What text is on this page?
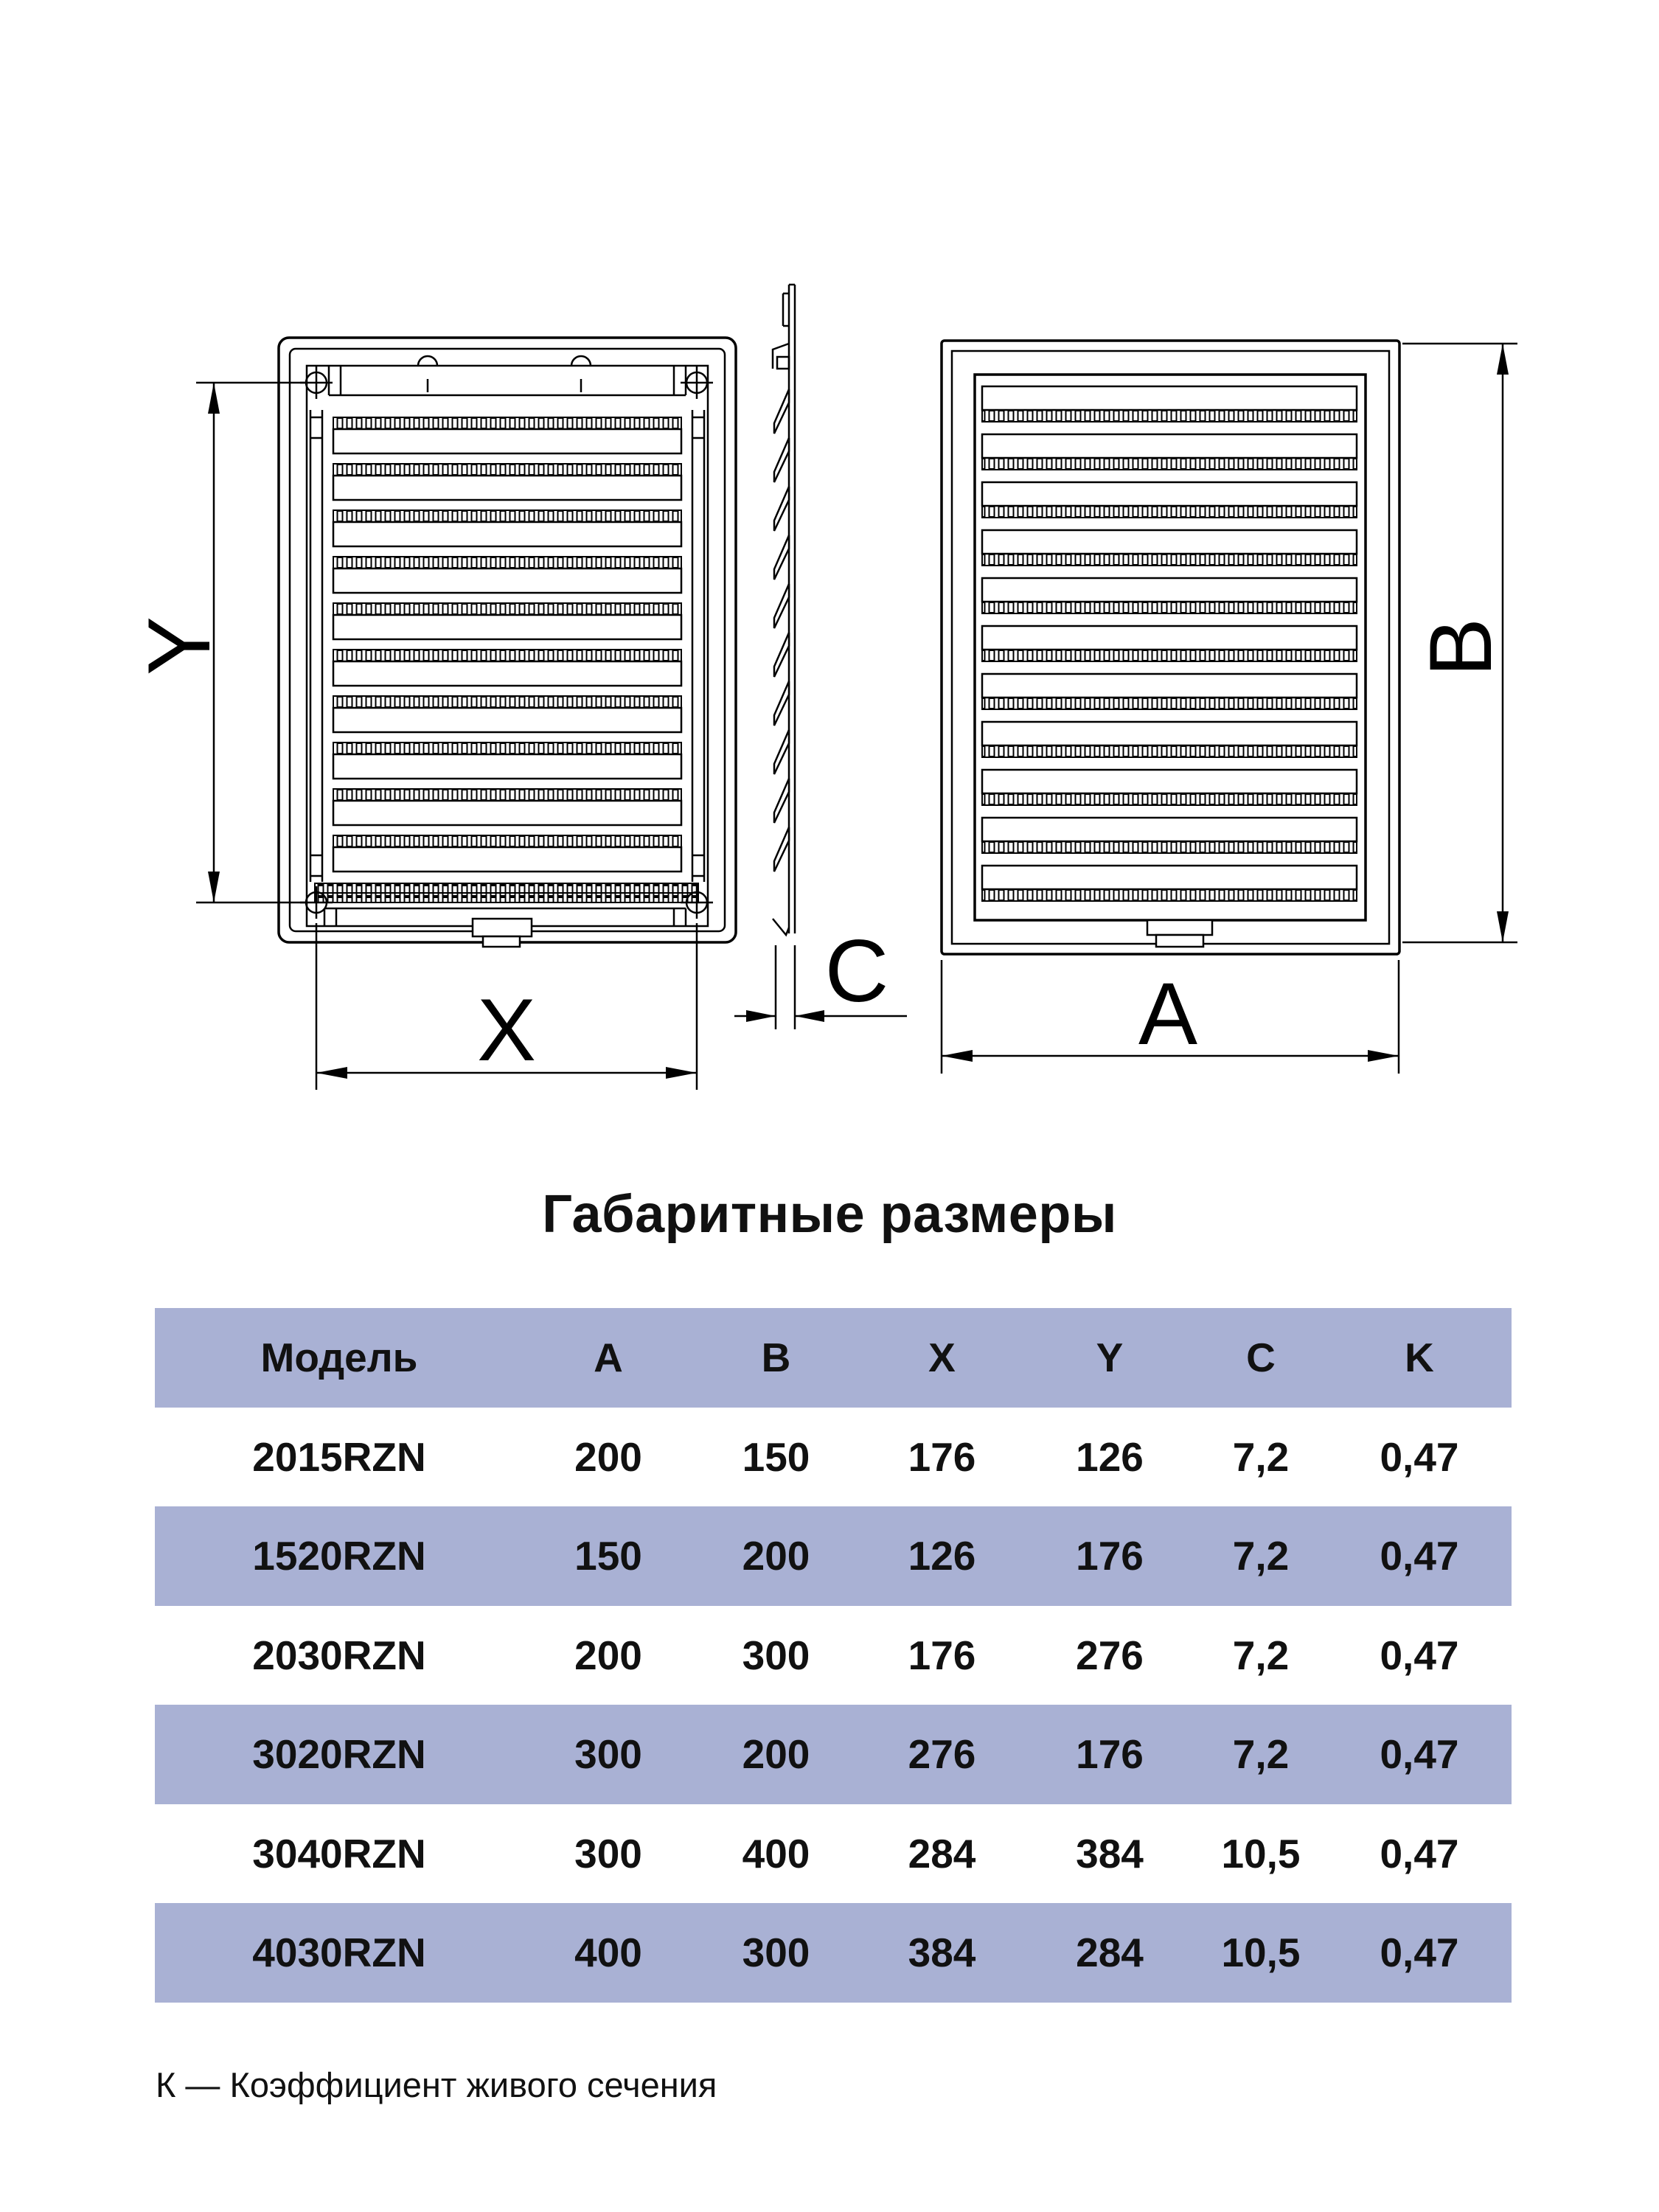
Y
X
C
B
A
Габаритные размеры
Модель	A	B	X	Y	C	K
2015RZN	200	150	176	126	7,2	0,47
1520RZN	150	200	126	176	7,2	0,47
2030RZN	200	300	176	276	7,2	0,47
3020RZN	300	200	276	176	7,2	0,47
3040RZN	300	400	284	384	10,5	0,47
4030RZN	400	300	384	284	10,5	0,47
К — Коэффициент живого сечения
